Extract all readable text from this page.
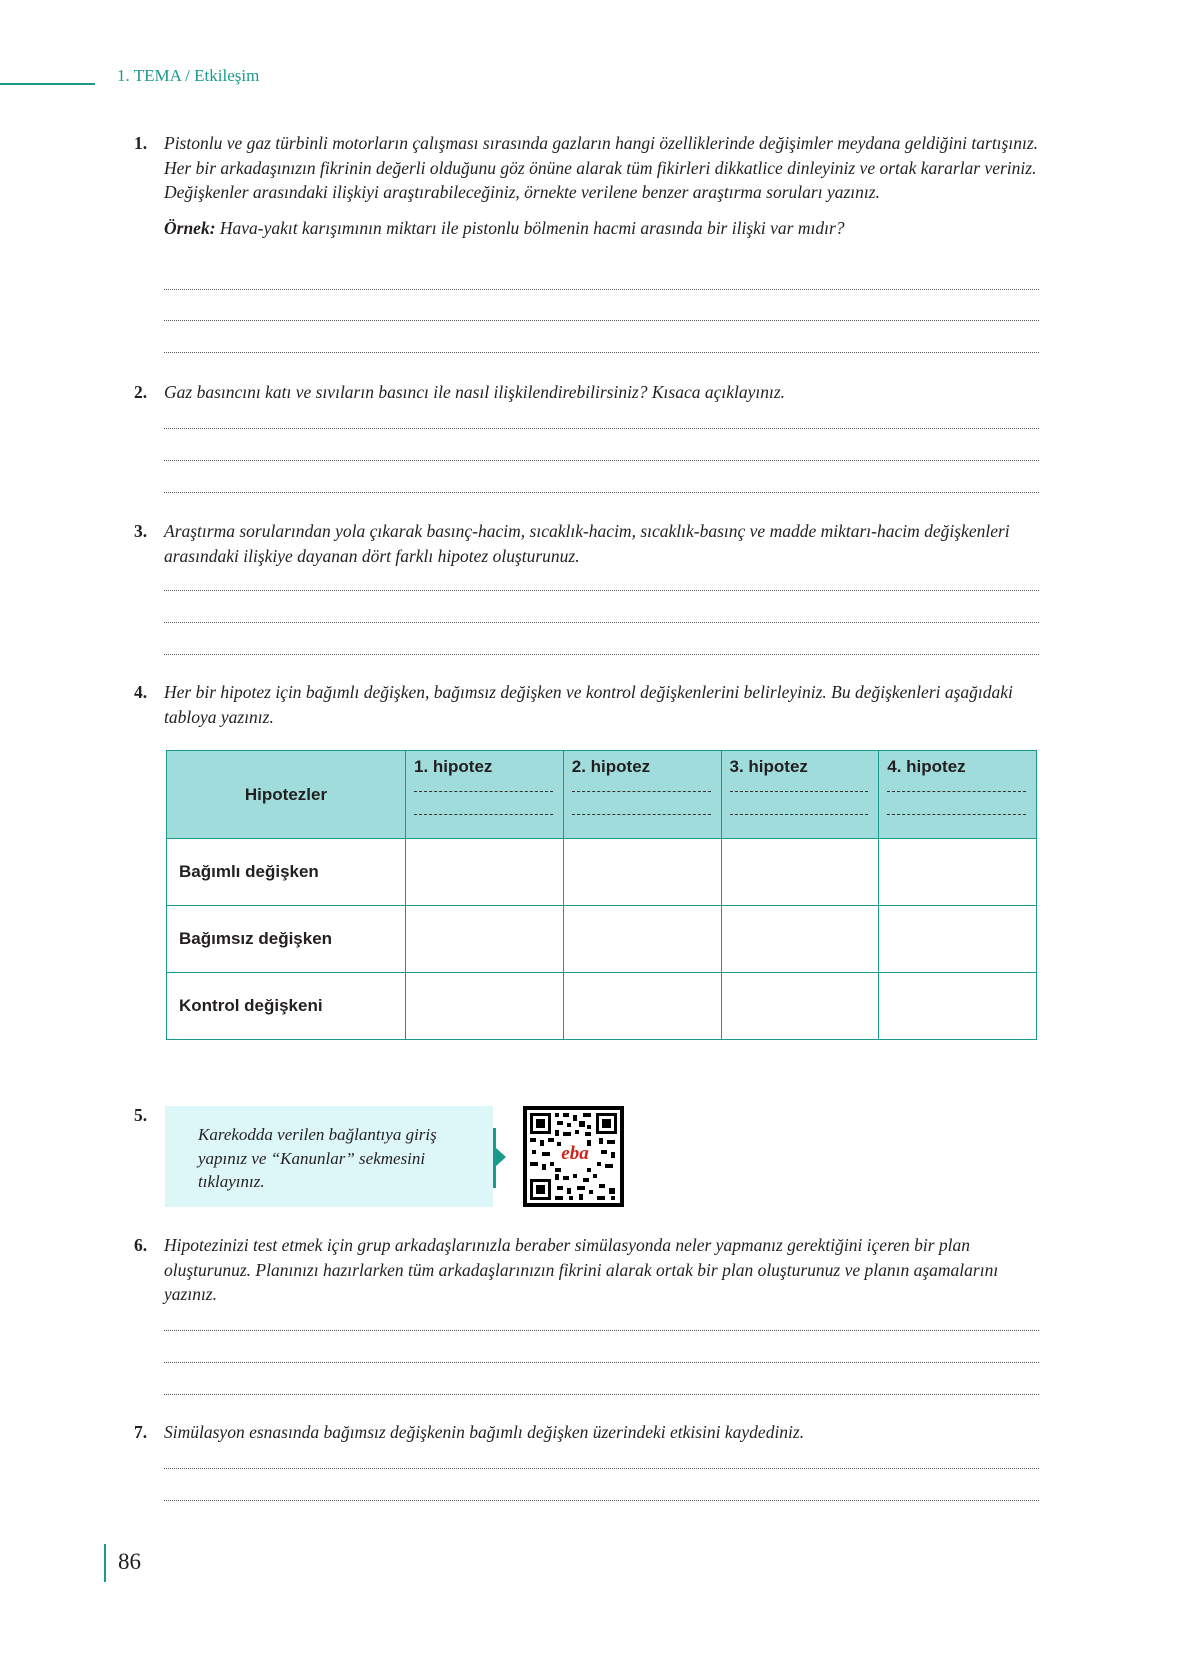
1. TEMA / Etkileşim
1. Pistonlu ve gaz türbinli motorların çalışması sırasında gazların hangi özelliklerinde değişimler meydana geldiğini tartışınız. Her bir arkadaşınızın fikrinin değerli olduğunu göz önüne alarak tüm fikirleri dikkatlice dinleyiniz ve ortak kararlar veriniz. Değişkenler arasındaki ilişkiyi araştırabileceğiniz, örnekte verilene benzer araştırma soruları yazınız.
Örnek: Hava-yakıt karışımının miktarı ile pistonlu bölmenin hacmi arasında bir ilişki var mıdır?
2. Gaz basıncını katı ve sıvıların basıncı ile nasıl ilişkilendirebilirsiniz? Kısaca açıklayınız.
3. Araştırma sorularından yola çıkarak basınç-hacim, sıcaklık-hacim, sıcaklık-basınç ve madde miktarı-hacim değişkenleri arasındaki ilişkiye dayanan dört farklı hipotez oluşturunuz.
4. Her bir hipotez için bağımlı değişken, bağımsız değişken ve kontrol değişkenlerini belirleyiniz. Bu değişkenleri aşağıdaki tabloya yazınız.
Hipotezler	1. hipotez	2. hipotez	3. hipotez	4. hipotez

Bağımlı değişken				
Bağımsız değişken				
Kontrol değişkeni				
5.
Karekodda verilen bağlantıya giriş yapınız ve “Kanunlar” sekmesini tıklayınız.
eba
6. Hipotezinizi test etmek için grup arkadaşlarınızla beraber simülasyonda neler yapmanız gerektiğini içeren bir plan oluşturunuz. Planınızı hazırlarken tüm arkadaşlarınızın fikrini alarak ortak bir plan oluşturunuz ve planın aşamalarını yazınız.
7. Simülasyon esnasında bağımsız değişkenin bağımlı değişken üzerindeki etkisini kaydediniz.
86
